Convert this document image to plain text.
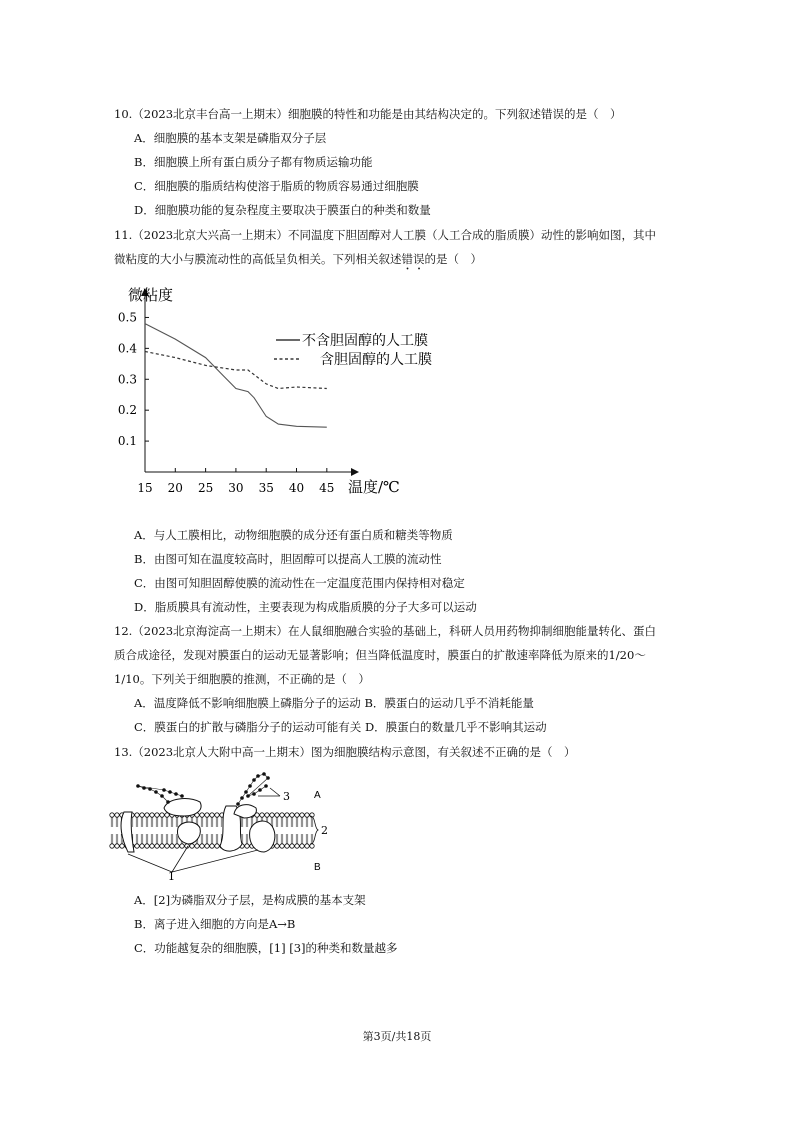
10.（2023北京丰台高一上期末）细胞膜的特性和功能是由其结构决定的。下列叙述错误的是（　）
A．细胞膜的基本支架是磷脂双分子层
B．细胞膜上所有蛋白质分子都有物质运输功能
C．细胞膜的脂质结构使溶于脂质的物质容易通过细胞膜
D．细胞膜功能的复杂程度主要取决于膜蛋白的种类和数量
11.（2023北京大兴高一上期末）不同温度下胆固醇对人工膜（人工合成的脂质膜）动性的影响如图，其中
微粘度的大小与膜流动性的高低呈负相关。下列相关叙述错误的是（　）
微粘度
温度/℃
15 20 25 30 35 40 45
0.5
0.4
0.3
0.2
0.1
不含胆固醇的人工膜
含胆固醇的人工膜
A．与人工膜相比，动物细胞膜的成分还有蛋白质和糖类等物质
B．由图可知在温度较高时，胆固醇可以提高人工膜的流动性
C．由图可知胆固醇使膜的流动性在一定温度范围内保持相对稳定
D．脂质膜具有流动性，主要表现为构成脂质膜的分子大多可以运动
12.（2023北京海淀高一上期末）在人鼠细胞融合实验的基础上，科研人员用药物抑制细胞能量转化、蛋白
质合成途径，发现对膜蛋白的运动无显著影响；但当降低温度时，膜蛋白的扩散速率降低为原来的1/20～
1/10。下列关于细胞膜的推测，不正确的是（　）
A．温度降低不影响细胞膜上磷脂分子的运动 B．膜蛋白的运动几乎不消耗能量
C．膜蛋白的扩散与磷脂分子的运动可能有关 D．膜蛋白的数量几乎不影响其运动
13.（2023北京人大附中高一上期末）图为细胞膜结构示意图，有关叙述不正确的是（　）
3 A
2
B
1
A．[2]为磷脂双分子层，是构成膜的基本支架
B．离子进入细胞的方向是A→B
C．功能越复杂的细胞膜，[1] [3]的种类和数量越多
第3页/共18页
